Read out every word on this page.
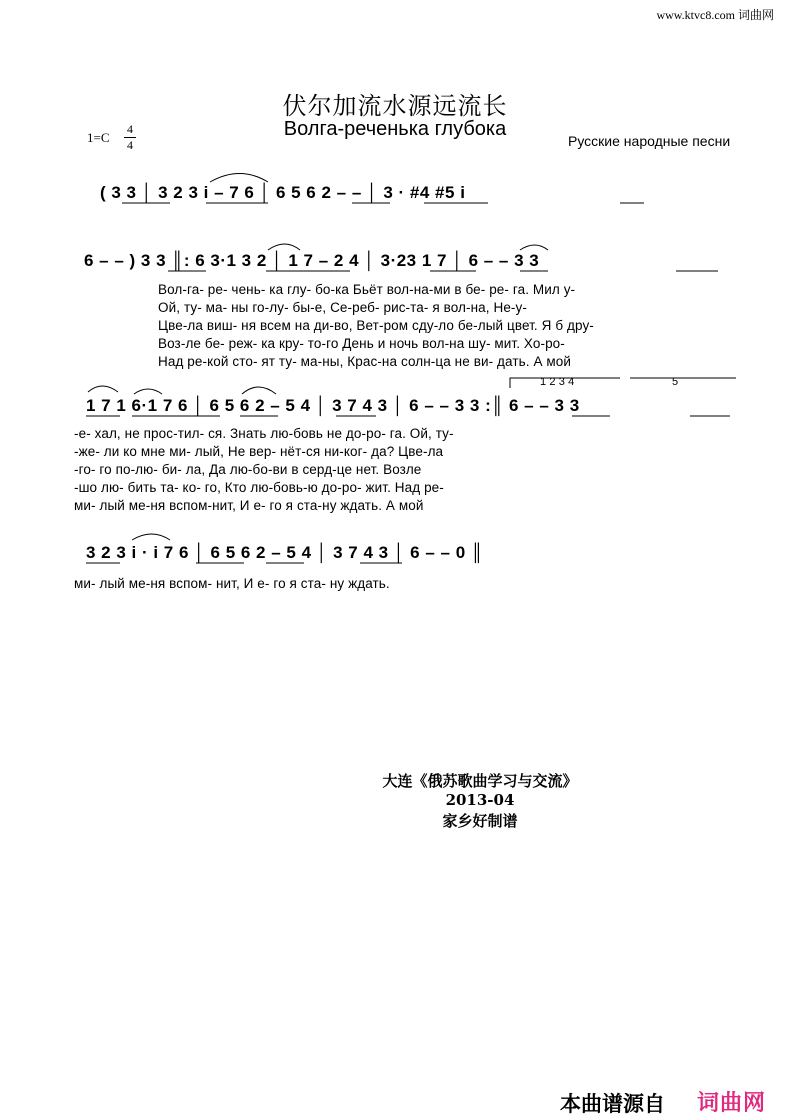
www.ktvc8.com 词曲网
伏尔加流水源远流长
Волга-реченька глубока
Русские народные песни
1=C
4
4
( 3 3 │ 3 2 3 i – 7 6 │ 6 5 6 2 – – │ 3 · #4 #5 i
6 – – ) 3 3 ║: 6 3·1 3 2 │ 1 7 – 2 4 │ 3·23 1 7 │ 6 – – 3 3
Вол-га- ре- чень- ка глу- бо-ка Бьёт вол-на-ми в бе- ре- га. Мил у-
Ой, ту- ма- ны го-лу- бы-е, Се-реб- рис-та- я вол-на, Не-у-
Цве-ла виш- ня всем на ди-во, Вет-ром сду-ло бе-лый цвет. Я б дру-
Воз-ле бе- реж- ка кру- то-го День и ночь вол-на шу- мит. Хо-ро-
Над ре-кой сто- ят ту- ма-ны, Крас-на солн-ца не ви- дать. А мой
1 2 3 4	5
1 7 1 6·1 7 6 │ 6 5 6 2 – 5 4 │ 3 7 4 3 │ 6 – – 3 3 :║ 6 – – 3 3
-е- хал, не прос-тил- ся. Знать лю-бовь не до-ро- га. Ой, ту-
-же- ли ко мне ми- лый, Не вер- нёт-ся ни-ког- да? Цве-ла
-го- го по-лю- би- ла, Да лю-бо-ви в серд-це нет. Возле
-шо лю- бить та- ко- го, Кто лю-бовь-ю до-ро- жит. Над ре-
ми- лый ме-ня вспом-нит, И е- го я ста-ну ждать. А мой
3 2 3 i · i 7 6 │ 6 5 6 2 – 5 4 │ 3 7 4 3 │ 6 – – 0 ║
ми- лый ме-ня вспом- нит, И е- го я ста- ну ждать.
大连《俄苏歌曲学习与交流》
2013-04
家乡好制谱
本曲谱源自 词曲网
